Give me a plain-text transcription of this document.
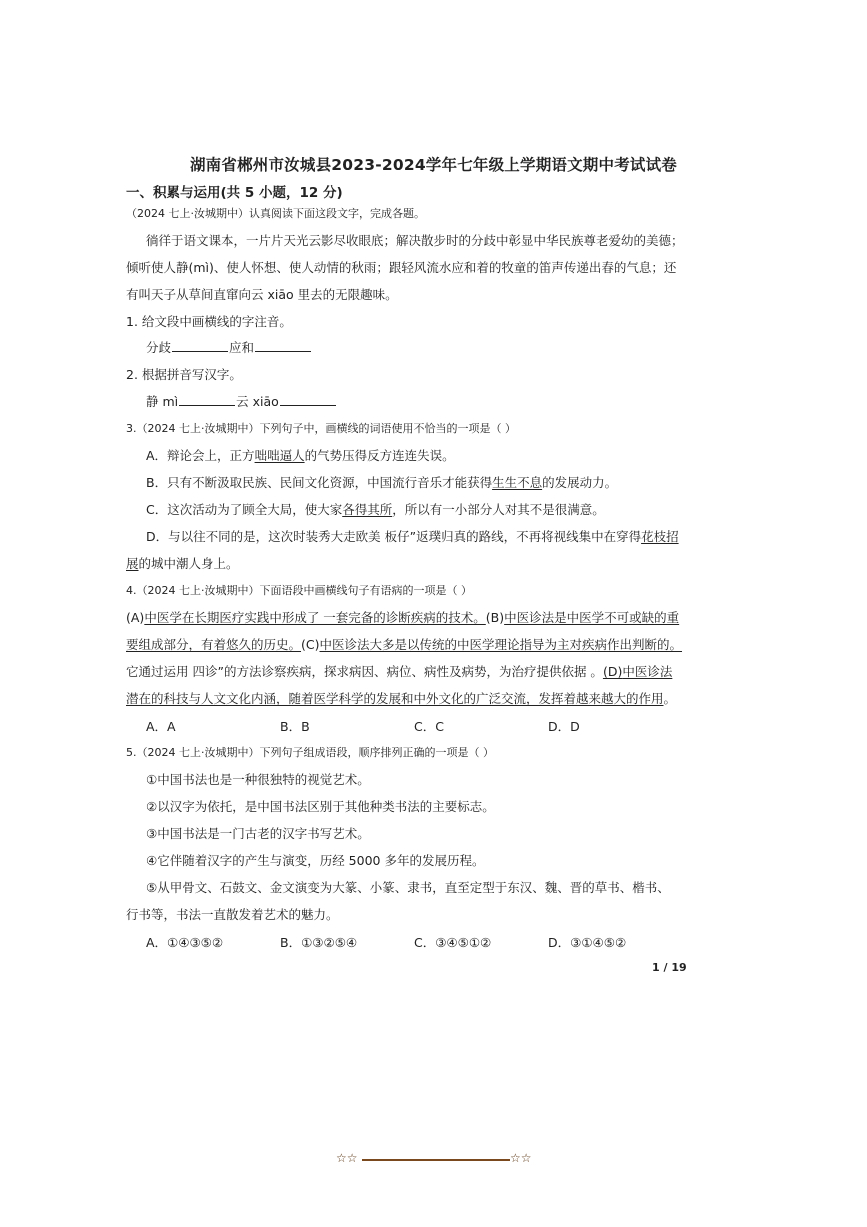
湖南省郴州市汝城县2023-2024学年七年级上学期语文期中考试试卷
一、积累与运用(共 5 小题，12 分)
（2024 七上·汝城期中）认真阅读下面这段文字，完成各题。
徜徉于语文课本，一片片天光云影尽收眼底；解决散步时的分歧中彰显中华民族尊老爱幼的美德；
倾听使人静(mì)、使人怀想、使人动情的秋雨；跟轻风流水应和着的牧童的笛声传递出春的气息；还
有叫天子从草间直窜向云 xiāo 里去的无限趣味。
1. 给文段中画横线的字注音。
分歧	应和
2. 根据拼音写汉字。
静 mì	云 xiāo
3.（2024 七上·汝城期中）下列句子中，画横线的词语使用不恰当的一项是（ ）
A．辩论会上，正方咄咄逼人的气势压得反方连连失误。
B．只有不断汲取民族、民间文化资源，中国流行音乐才能获得生生不息的发展动力。
C．这次活动为了顾全大局，使大家各得其所，所以有一小部分人对其不是很满意。
D．与以往不同的是，这次时装秀大走欧美 板仔”返璞归真的路线，不再将视线集中在穿得花枝招
展的城中潮人身上。
4.（2024 七上·汝城期中）下面语段中画横线句子有语病的一项是（ ）
(A)中医学在长期医疗实践中形成了 一套完备的诊断疾病的技术。(B)中医诊法是中医学不可或缺的重
要组成部分，有着悠久的历史。(C)中医诊法大多是以传统的中医学理论指导为主对疾病作出判断的。
它通过运用 四诊”的方法诊察疾病，探求病因、病位、病性及病势，为治疗提供依据 。(D)中医诊法
潜在的科技与人文文化内涵，随着医学科学的发展和中外文化的广泛交流，发挥着越来越大的作用。
A．A	B．B	C．C	D．D
5.（2024 七上·汝城期中）下列句子组成语段，顺序排列正确的一项是（ ）
①中国书法也是一种很独特的视觉艺术。
②以汉字为依托，是中国书法区别于其他种类书法的主要标志。
③中国书法是一门古老的汉字书写艺术。
④它伴随着汉字的产生与演变，历经 5000 多年的发展历程。
⑤从甲骨文、石鼓文、金文演变为大篆、小篆、隶书，直至定型于东汉、魏、晋的草书、楷书、
行书等，书法一直散发着艺术的魅力。
A．①④③⑤②	B．①③②⑤④	C．③④⑤①②	D．③①④⑤②
1 / 19
☆☆	☆☆
